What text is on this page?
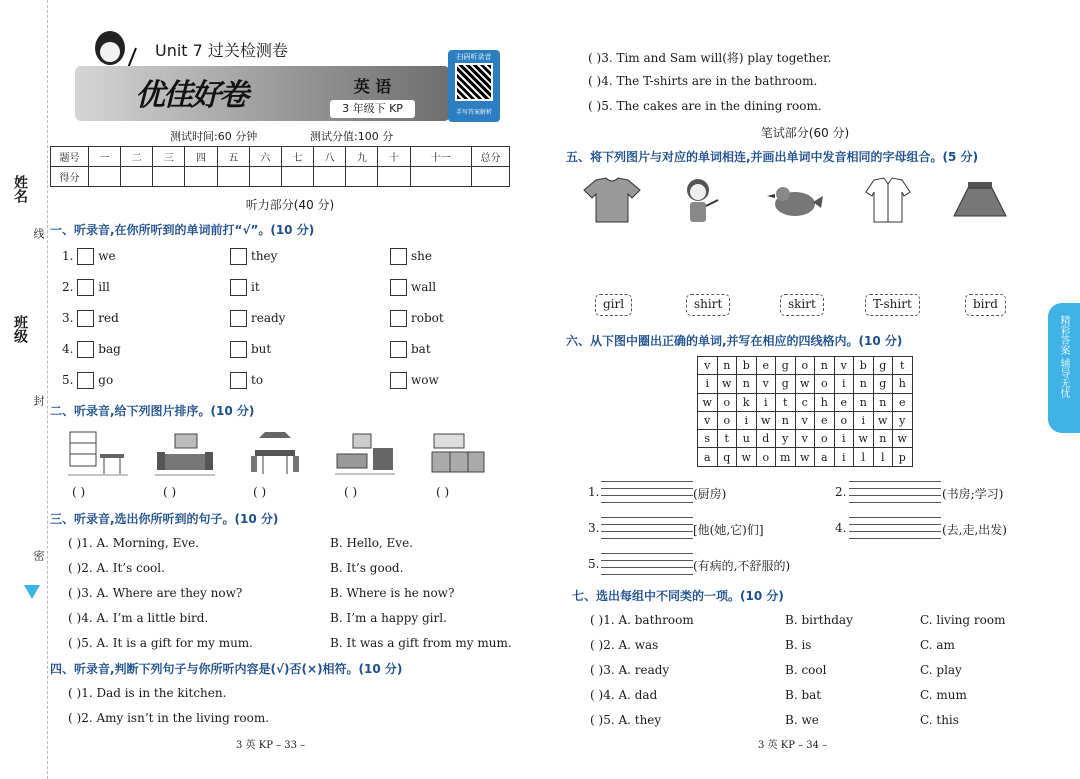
姓名
线
班级
封
密
Unit 7 过关检测卷
优佳好卷	英 语
3 年级下 KP
扫码听录音
手写答案解析
测试时间:60 分钟	测试分值:100 分
题号	一	二	三	四	五	六	七	八	九	十	十一	总分
得分												
听力部分(40 分)
一、听录音,在你所听到的单词前打“√”。(10 分)
1. we	they	she
2. ill	it	wall
3. red	ready	robot
4. bag	but	bat
5. go	to	wow
二、听录音,给下列图片排序。(10 分)
( )	( )	( )	( )	( )
三、听录音,选出你所听到的句子。(10 分)
( )1. A. Morning, Eve.	B. Hello, Eve.
( )2. A. It’s cool.	B. It’s good.
( )3. A. Where are they now?	B. Where is he now?
( )4. A. I’m a little bird.	B. I’m a happy girl.
( )5. A. It is a gift for my mum.	B. It was a gift from my mum.
四、听录音,判断下列句子与你所听内容是(√)否(×)相符。(10 分)
( )1. Dad is in the kitchen.
( )2. Amy isn’t in the living room.
3 英 KP – 33 –
( )3. Tim and Sam will(将) play together.
( )4. The T-shirts are in the bathroom.
( )5. The cakes are in the dining room.
笔试部分(60 分)
五、将下列图片与对应的单词相连,并画出单词中发音相同的字母组合。(5 分)
girl	shirt	skirt	T-shirt	bird
六、从下图中圈出正确的单词,并写在相应的四线格内。(10 分)
v	n	b	e	g	o	n	v	b	g	t
i	w	n	v	g	w	o	i	n	g	h
w	o	k	i	t	c	h	e	n	n	e
v	o	i	w	n	v	e	o	i	w	y
s	t	u	d	y	v	o	i	w	n	w
a	q	w	o	m	w	a	i	l	l	p
1.	(厨房)	2.	(书房;学习)
3.	[他(她,它)们]	4.	(去,走,出发)
5.	(有病的,不舒服的)
七、选出每组中不同类的一项。(10 分)
( )1. A. bathroom	B. birthday	C. living room
( )2. A. was	B. is	C. am
( )3. A. ready	B. cool	C. play
( )4. A. dad	B. bat	C. mum
( )5. A. they	B. we	C. this
3 英 KP – 34 –
精彩答案 辅导无忧
